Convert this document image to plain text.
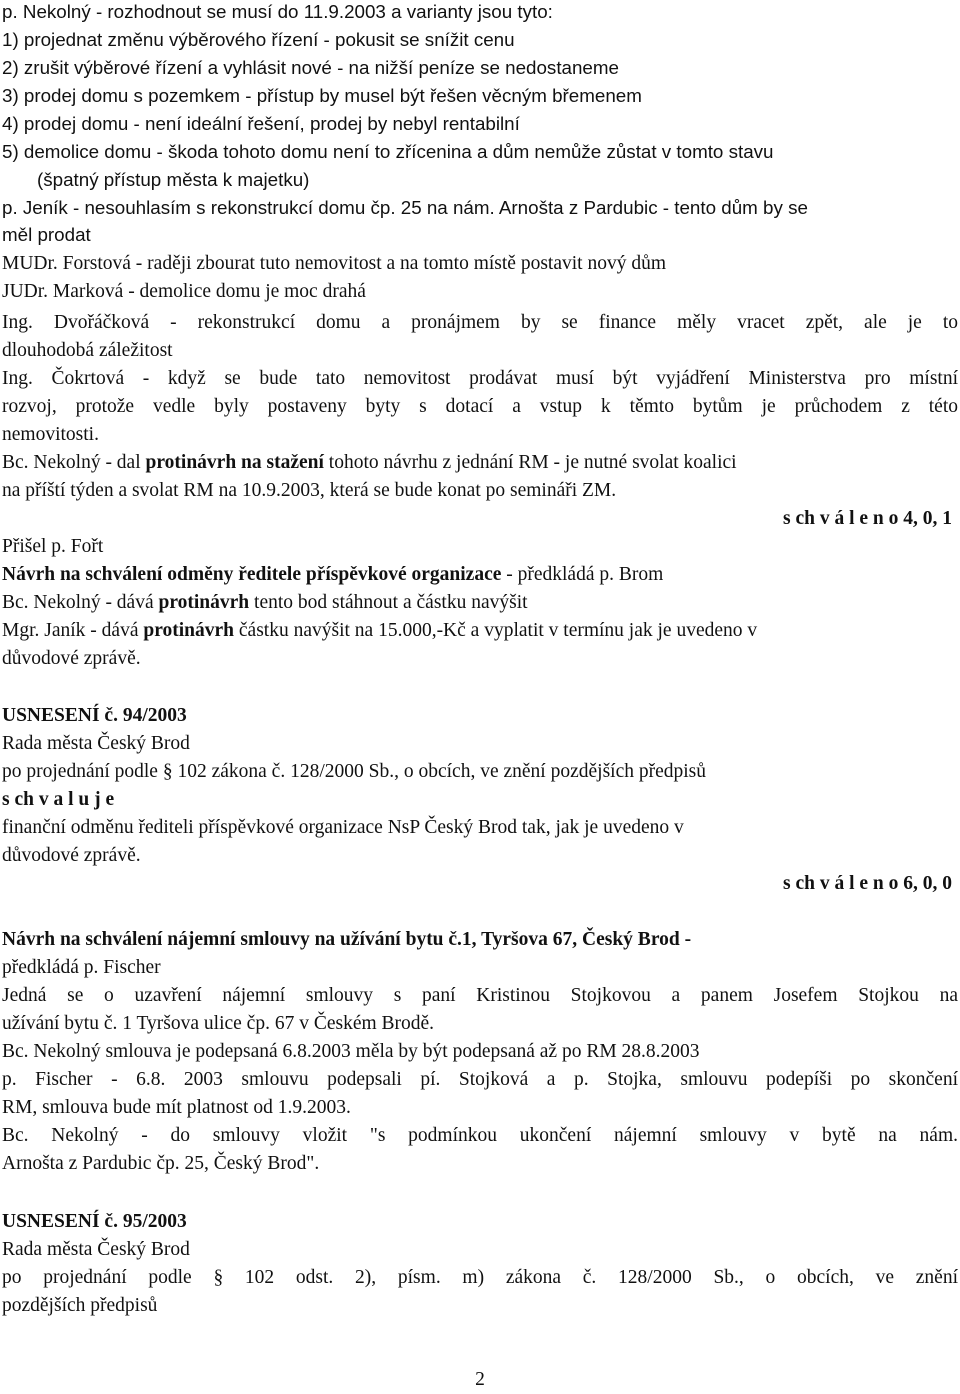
p. Nekolný - rozhodnout se musí do 11.9.2003 a varianty jsou tyto:
1) projednat změnu výběrového řízení - pokusit se snížit cenu
2) zrušit výběrové řízení a vyhlásit nové - na nižší peníze se nedostaneme
3) prodej domu s pozemkem - přístup by musel být řešen věcným břemenem
4) prodej domu - není ideální řešení, prodej by nebyl rentabilní
5) demolice domu - škoda tohoto domu není to zřícenina a dům nemůže zůstat v tomto stavu
(špatný přístup města k majetku)
p. Jeník - nesouhlasím s rekonstrukcí domu čp. 25 na nám. Arnošta z Pardubic - tento dům by se
měl prodat
MUDr. Forstová - raději zbourat tuto nemovitost a na tomto místě postavit nový dům
JUDr. Marková - demolice domu je moc drahá
Ing. Dvořáčková - rekonstrukcí domu a pronájmem by se finance měly vracet zpět, ale je to
dlouhodobá záležitost
Ing. Čokrtová - když se bude tato nemovitost prodávat musí být vyjádření Ministerstva pro místní
rozvoj, protože vedle byly postaveny byty s dotací a vstup k těmto bytům je průchodem z této
nemovitosti.
Bc. Nekolný - dal protinávrh na stažení tohoto návrhu z jednání RM - je nutné svolat koalici
na příští týden a svolat RM na 10.9.2003, která se bude konat po semináři ZM.
s ch v á l e n o 4, 0, 1
Přišel p. Fořt
Návrh na schválení odměny ředitele příspěvkové organizace - předkládá p. Brom
Bc. Nekolný - dává protinávrh tento bod stáhnout a částku navýšit
Mgr. Janík - dává protinávrh částku navýšit na 15.000,-Kč a vyplatit v termínu jak je uvedeno v
důvodové zprávě.
USNESENÍ č. 94/2003
Rada města Český Brod
po projednání podle § 102 zákona č. 128/2000 Sb., o obcích, ve znění pozdějších předpisů
s ch v a l u j e
finanční odměnu řediteli příspěvkové organizace NsP Český Brod tak, jak je uvedeno v
důvodové zprávě.
s ch v á l e n o 6, 0, 0
Návrh na schválení nájemní smlouvy na užívání bytu č.1, Tyršova 67, Český Brod -
předkládá p. Fischer
Jedná se o uzavření nájemní smlouvy s paní Kristinou Stojkovou a panem Josefem Stojkou na
užívání bytu č. 1 Tyršova ulice čp. 67 v Českém Brodě.
Bc. Nekolný smlouva je podepsaná 6.8.2003 měla by být podepsaná až po RM 28.8.2003
p. Fischer - 6.8. 2003 smlouvu podepsali pí. Stojková a p. Stojka, smlouvu podepíši po skončení
RM, smlouva bude mít platnost od 1.9.2003.
Bc. Nekolný - do smlouvy vložit "s podmínkou ukončení nájemní smlouvy v bytě na nám.
Arnošta z Pardubic čp. 25, Český Brod".
USNESENÍ č. 95/2003
Rada města Český Brod
po projednání podle § 102 odst. 2), písm. m) zákona č. 128/2000 Sb., o obcích, ve znění
pozdějších předpisů
2
